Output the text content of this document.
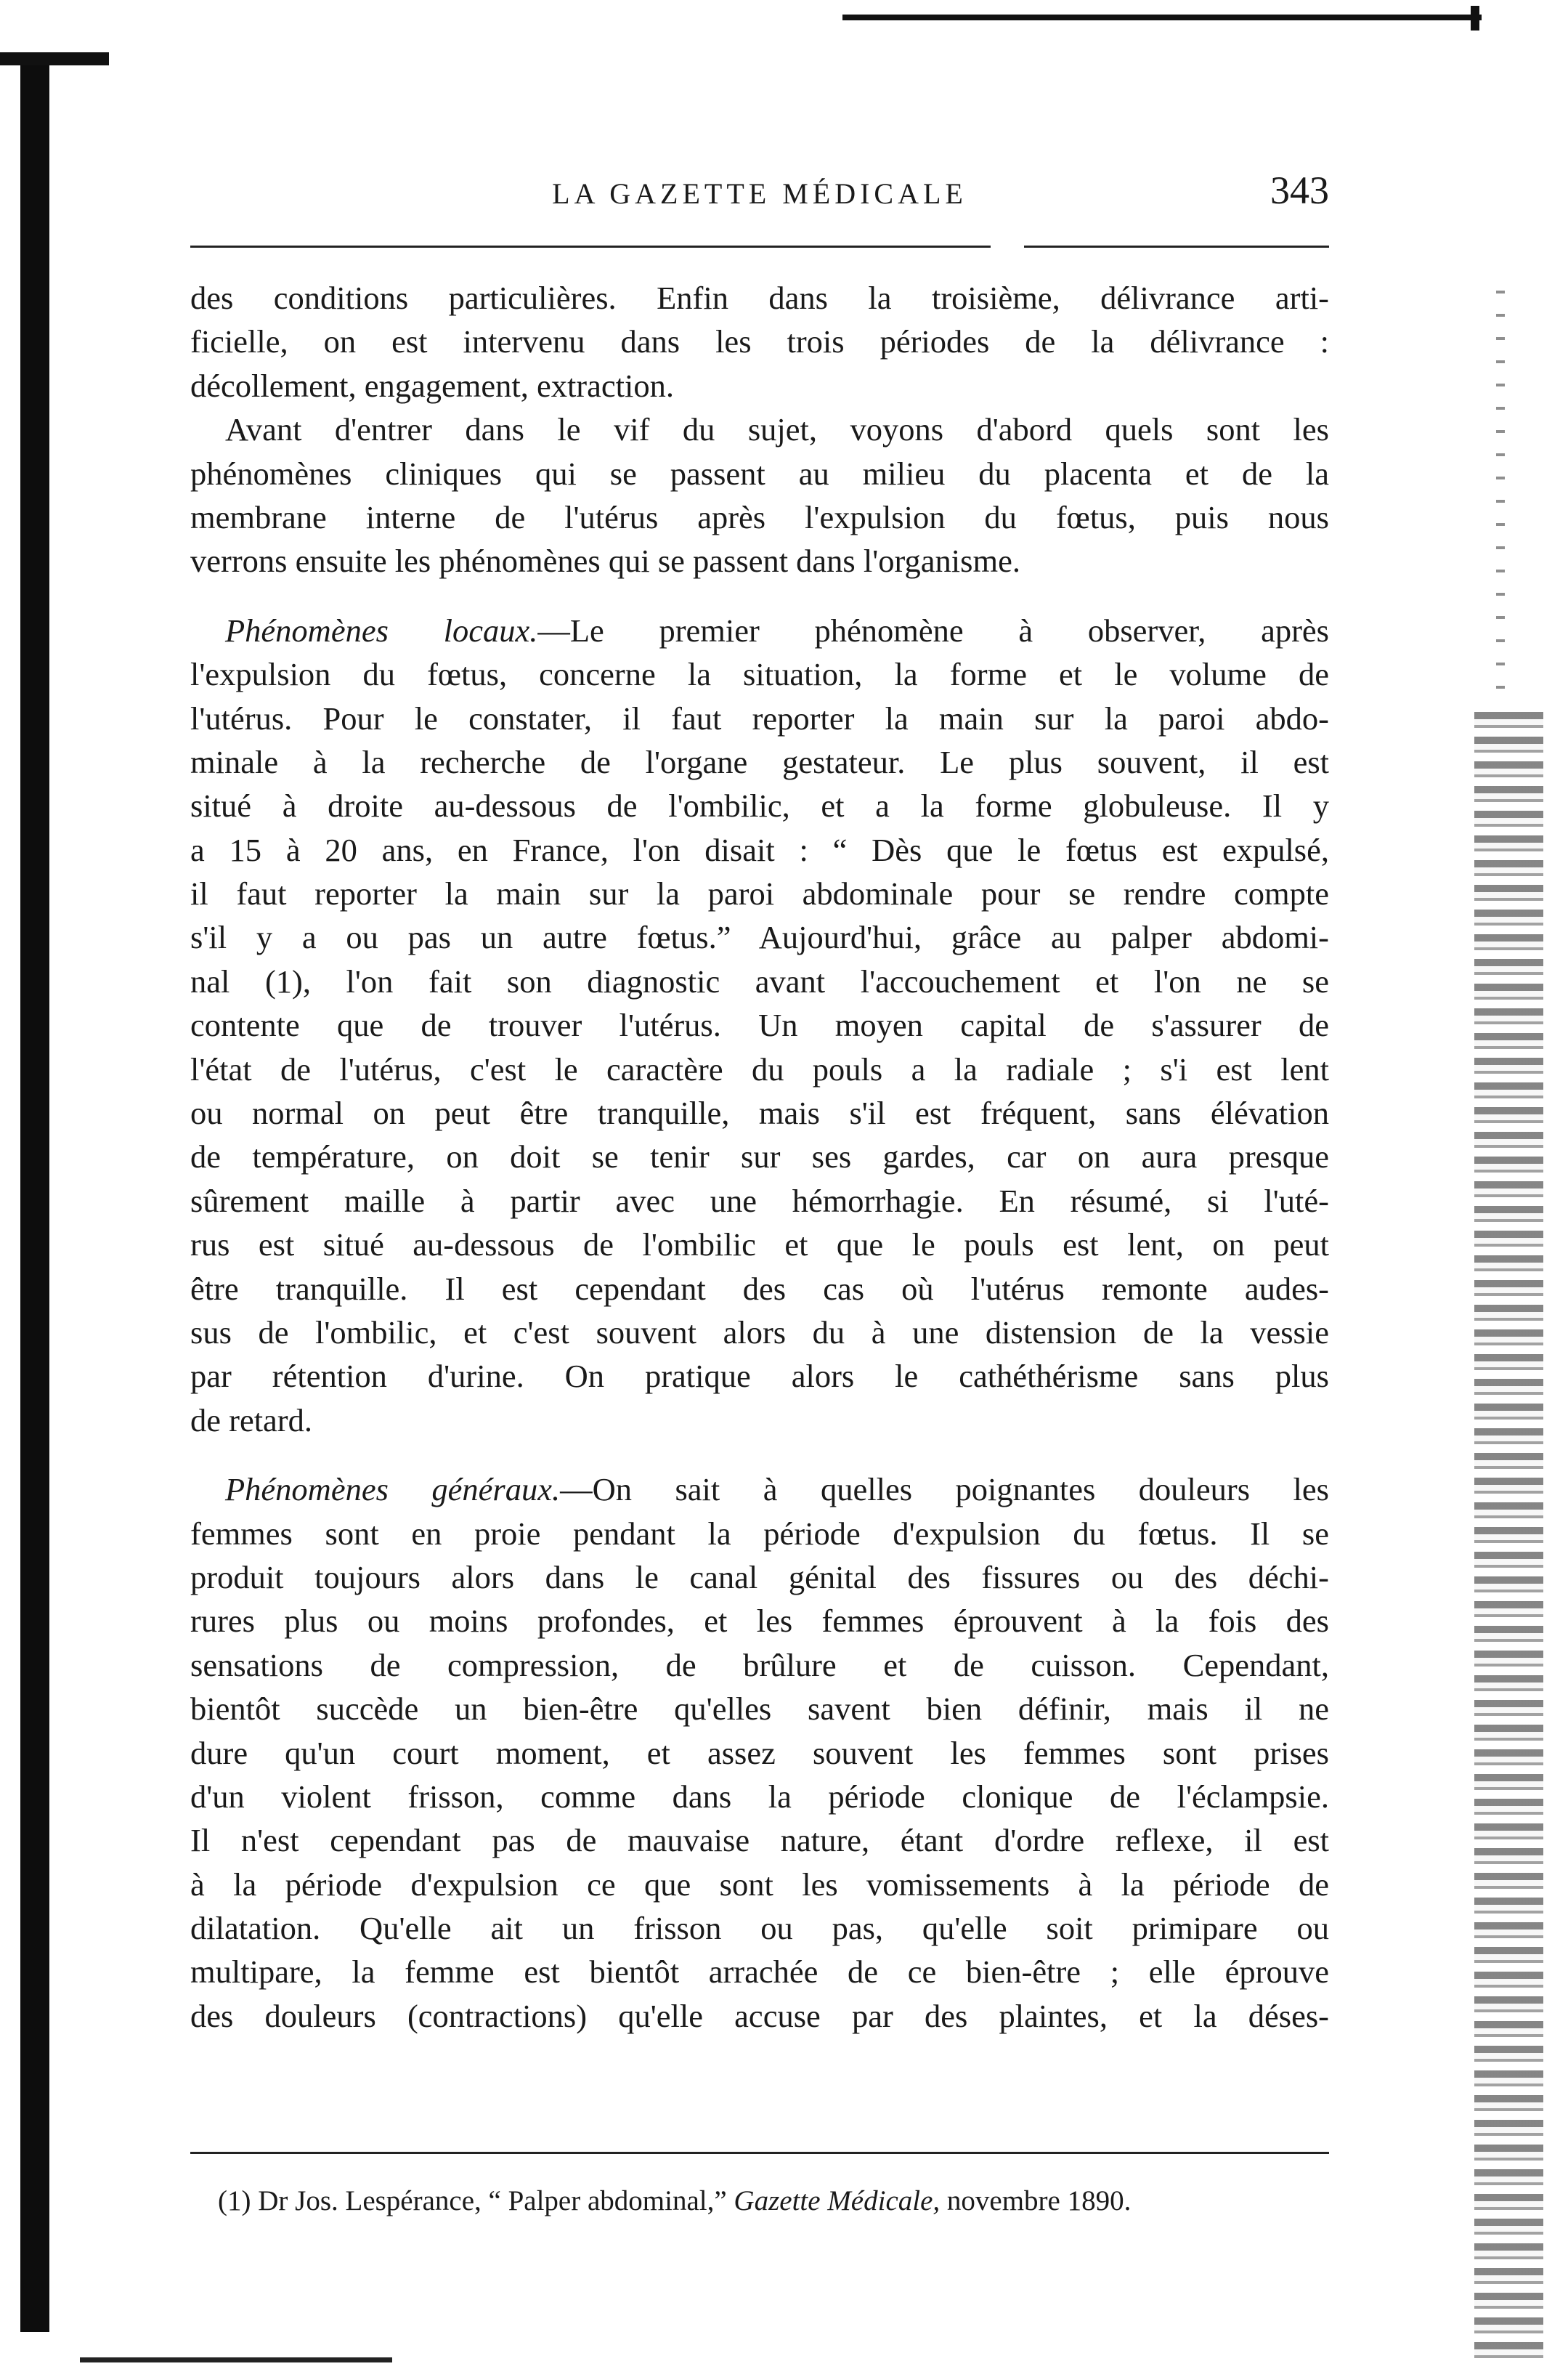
LA GAZETTE MÉDICALE	343
des conditions particulières. Enfin dans la troisième, délivrance arti-
ficielle, on est intervenu dans les trois périodes de la délivrance :
décollement, engagement, extraction.
Avant d'entrer dans le vif du sujet, voyons d'abord quels sont les
phénomènes cliniques qui se passent au milieu du placenta et de la
membrane interne de l'utérus après l'expulsion du fœtus, puis nous
verrons ensuite les phénomènes qui se passent dans l'organisme.
Phénomènes locaux.—Le premier phénomène à observer, après
l'expulsion du fœtus, concerne la situation, la forme et le volume de
l'utérus. Pour le constater, il faut reporter la main sur la paroi abdo-
minale à la recherche de l'organe gestateur. Le plus souvent, il est
situé à droite au-dessous de l'ombilic, et a la forme globuleuse. Il y
a 15 à 20 ans, en France, l'on disait : “ Dès que le fœtus est expulsé,
il faut reporter la main sur la paroi abdominale pour se rendre compte
s'il y a ou pas un autre fœtus.” Aujourd'hui, grâce au palper abdomi-
nal (1), l'on fait son diagnostic avant l'accouchement et l'on ne se
contente que de trouver l'utérus. Un moyen capital de s'assurer de
l'état de l'utérus, c'est le caractère du pouls a la radiale ; s'i est lent
ou normal on peut être tranquille, mais s'il est fréquent, sans élévation
de température, on doit se tenir sur ses gardes, car on aura presque
sûrement maille à partir avec une hémorrhagie. En résumé, si l'uté-
rus est situé au-dessous de l'ombilic et que le pouls est lent, on peut
être tranquille. Il est cependant des cas où l'utérus remonte audes-
sus de l'ombilic, et c'est souvent alors du à une distension de la vessie
par rétention d'urine. On pratique alors le cathéthérisme sans plus
de retard.
Phénomènes généraux.—On sait à quelles poignantes douleurs les
femmes sont en proie pendant la période d'expulsion du fœtus. Il se
produit toujours alors dans le canal génital des fissures ou des déchi-
rures plus ou moins profondes, et les femmes éprouvent à la fois des
sensations de compression, de brûlure et de cuisson. Cependant,
bientôt succède un bien-être qu'elles savent bien définir, mais il ne
dure qu'un court moment, et assez souvent les femmes sont prises
d'un violent frisson, comme dans la période clonique de l'éclampsie.
Il n'est cependant pas de mauvaise nature, étant d'ordre reflexe, il est
à la période d'expulsion ce que sont les vomissements à la période de
dilatation. Qu'elle ait un frisson ou pas, qu'elle soit primipare ou
multipare, la femme est bientôt arrachée de ce bien-être ; elle éprouve
des douleurs (contractions) qu'elle accuse par des plaintes, et la déses-
(1) Dr Jos. Lespérance, “ Palper abdominal,” Gazette Médicale, novembre 1890.
